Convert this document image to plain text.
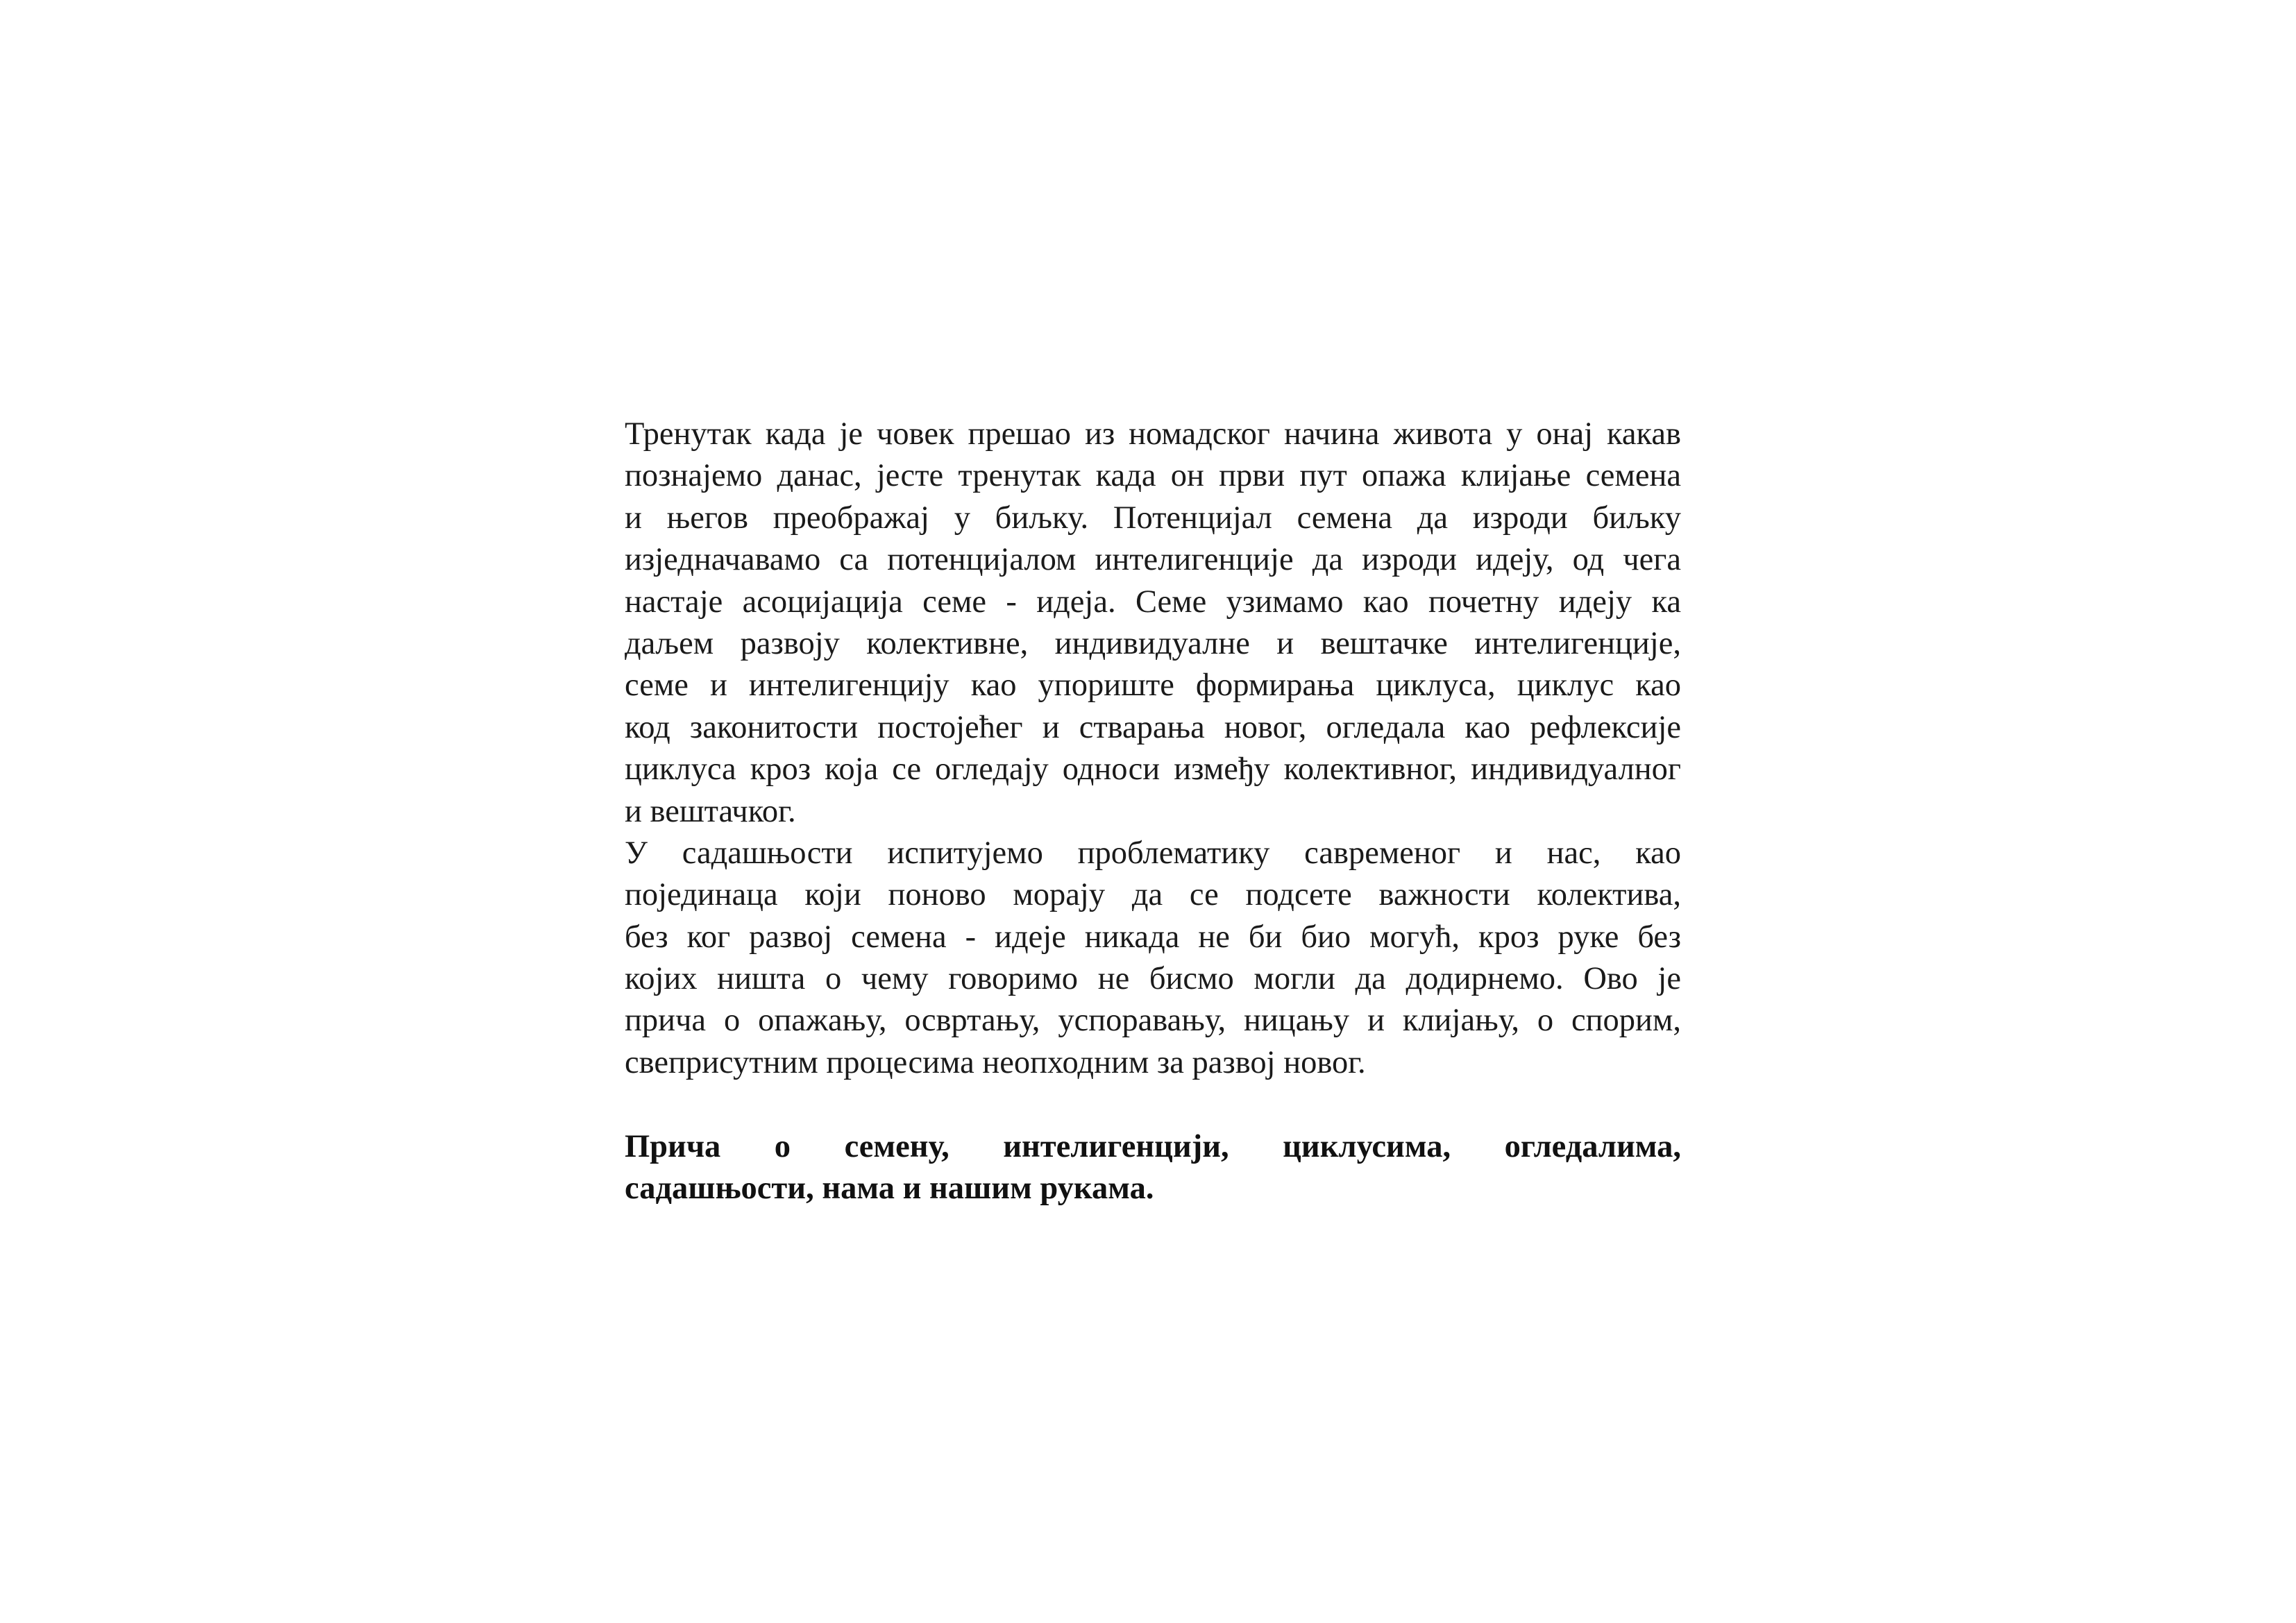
Тренутак када је човек прешао из номадског начина живота у онај какав
познајемо данас, јесте тренутак када он први пут опажа клијање семена
и његов преображај у биљку. Потенцијал семена да изроди биљку
изједначавамо са потенцијалом интелигенције да изроди идеју, од чега
настаје асоцијација семе - идеја. Семе узимамо као почетну идеју ка
даљем развоју колективне, индивидуалне и вештачке интелигенције,
семе и интелигенцију као упориште формирања циклуса, циклус као
код законитости постојећег и стварања новог, огледала као рефлексије
циклуса кроз која се огледају односи између колективног, индивидуалног
и вештачког.
У садашњости испитујемо проблематику савременог и нас, као
појединаца који поново морају да се подсете важности колектива,
без ког развој семена - идеје никада не би био могућ, кроз руке без
којих ништа о чему говоримо не бисмо могли да додирнемо. Ово је
прича о опажању, освртању, успоравању, ницању и клијању, о спорим,
свеприсутним процесима неопходним за развој новог.
Прича о семену, интелигенцији, циклусима, огледалима,
садашњости, нама и нашим рукама.
